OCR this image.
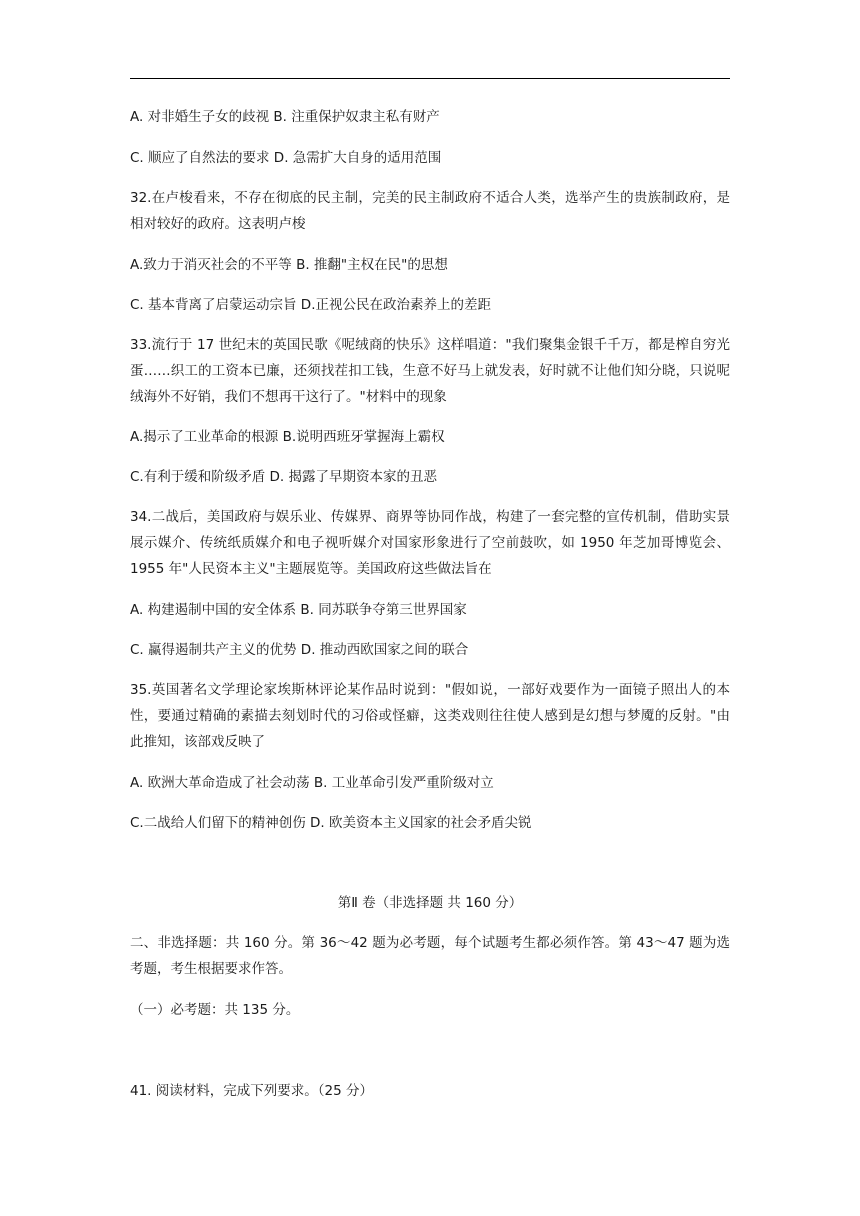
A. 对非婚生子女的歧视 B. 注重保护奴隶主私有财产
C. 顺应了自然法的要求 D. 急需扩大自身的适用范围
32.在卢梭看来，不存在彻底的民主制，完美的民主制政府不适合人类，选举产生的贵族制政府，是相对较好的政府。这表明卢梭
A.致力于消灭社会的不平等 B. 推翻"主权在民"的思想
C. 基本背离了启蒙运动宗旨 D.正视公民在政治素养上的差距
33.流行于 17 世纪末的英国民歌《呢绒商的快乐》这样唱道："我们聚集金银千千万，都是榨自穷光蛋……织工的工资本已廉，还须找茬扣工钱，生意不好马上就发表，好时就不让他们知分晓，只说呢绒海外不好销，我们不想再干这行了。"材料中的现象
A.揭示了工业革命的根源 B.说明西班牙掌握海上霸权
C.有利于缓和阶级矛盾 D. 揭露了早期资本家的丑恶
34.二战后，美国政府与娱乐业、传媒界、商界等协同作战，构建了一套完整的宣传机制，借助实景展示媒介、传统纸质媒介和电子视听媒介对国家形象进行了空前鼓吹，如 1950 年芝加哥博览会、1955 年"人民资本主义"主题展览等。美国政府这些做法旨在
A. 构建遏制中国的安全体系 B. 同苏联争夺第三世界国家
C. 赢得遏制共产主义的优势 D. 推动西欧国家之间的联合
35.英国著名文学理论家埃斯林评论某作品时说到："假如说，一部好戏要作为一面镜子照出人的本性，要通过精确的素描去刻划时代的习俗或怪癖，这类戏则往往使人感到是幻想与梦魇的反射。"由此推知，该部戏反映了
A. 欧洲大革命造成了社会动荡 B. 工业革命引发严重阶级对立
C.二战给人们留下的精神创伤 D. 欧美资本主义国家的社会矛盾尖锐
第Ⅱ 卷（非选择题 共 160 分）
二、非选择题：共 160 分。第 36～42 题为必考题，每个试题考生都必须作答。第 43～47 题为选考题，考生根据要求作答。
（一）必考题：共 135 分。
41. 阅读材料，完成下列要求。（25 分）
